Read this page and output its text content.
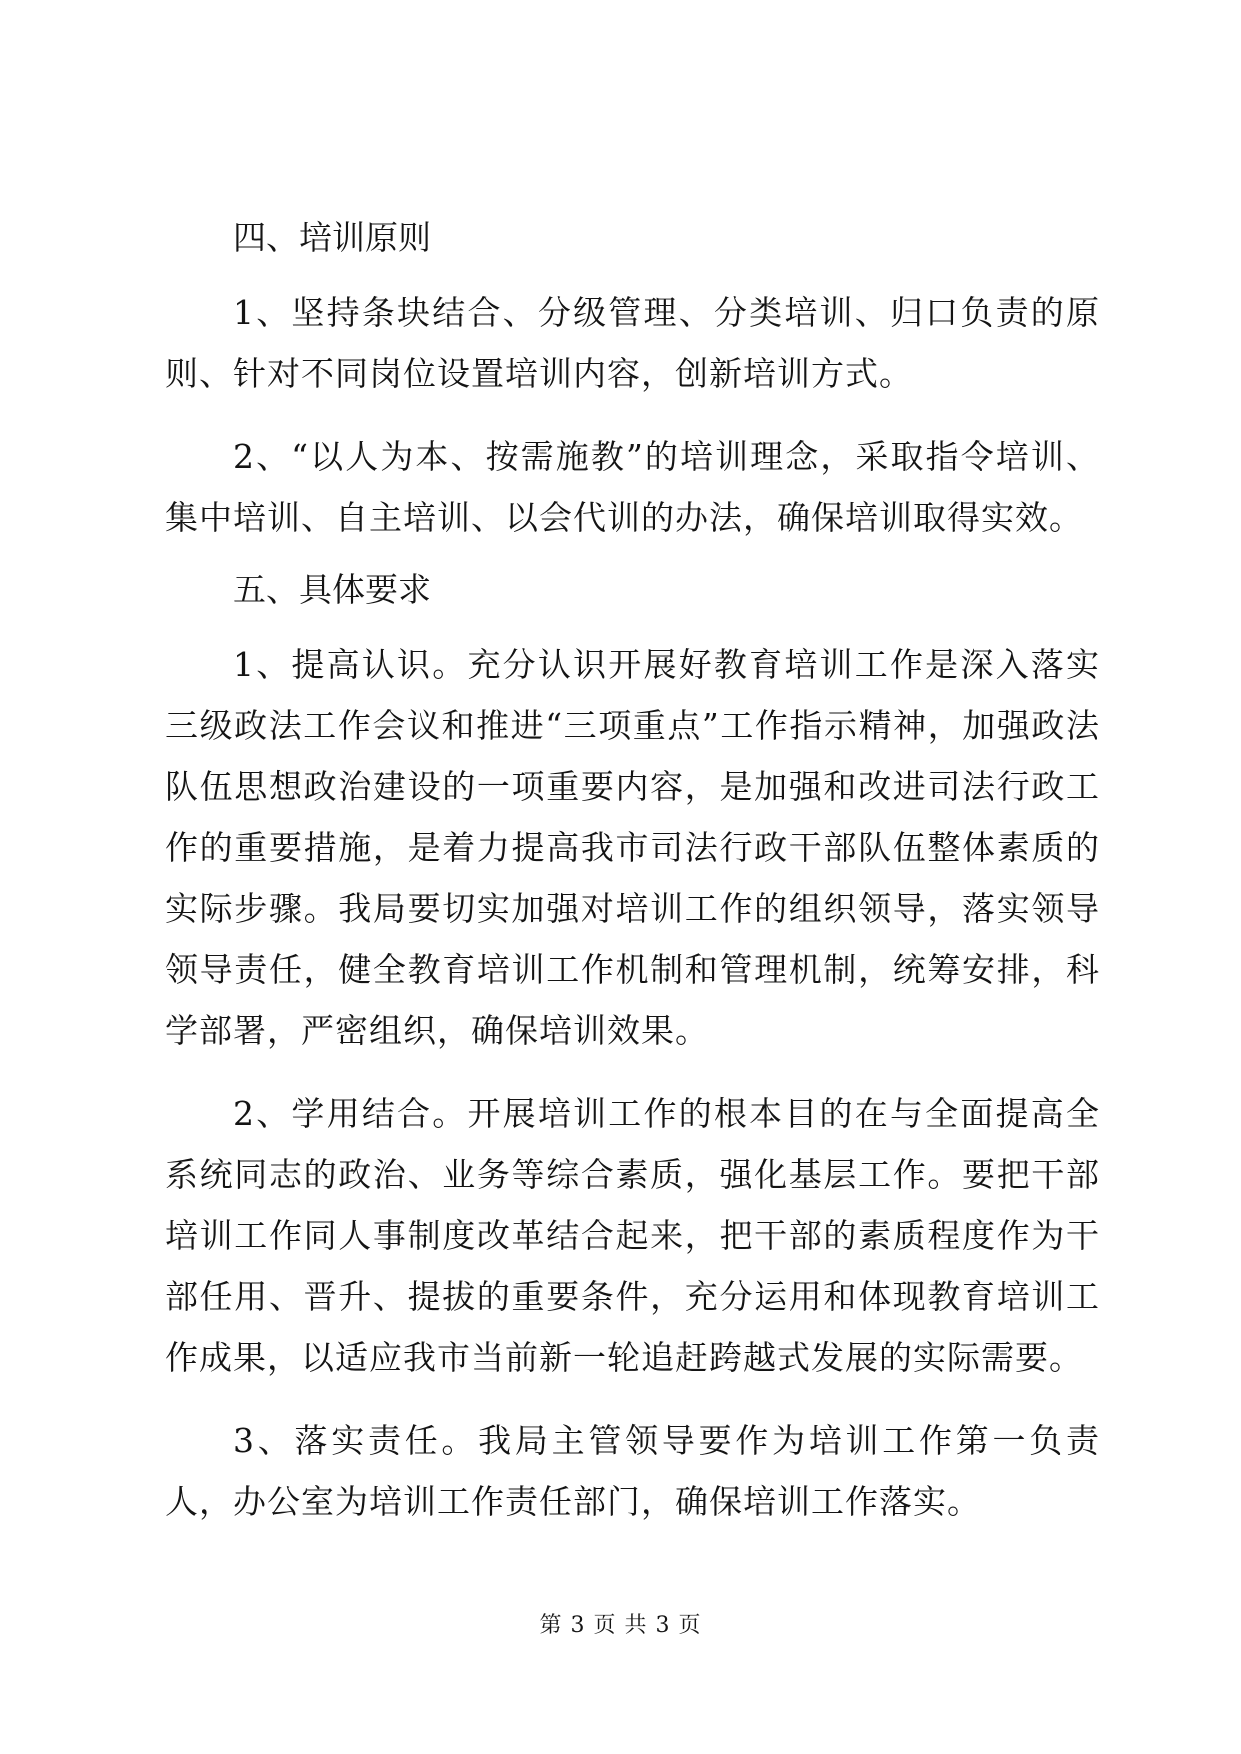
四、培训原则

1、坚持条块结合、分级管理、分类培训、归口负责的原则、针对不同岗位设置培训内容，创新培训方式。

2、“以人为本、按需施教”的培训理念，采取指令培训、集中培训、自主培训、以会代训的办法，确保培训取得实效。

五、具体要求

1、提高认识。充分认识开展好教育培训工作是深入落实三级政法工作会议和推进“三项重点”工作指示精神，加强政法队伍思想政治建设的一项重要内容，是加强和改进司法行政工作的重要措施，是着力提高我市司法行政干部队伍整体素质的实际步骤。我局要切实加强对培训工作的组织领导，落实领导领导责任，健全教育培训工作机制和管理机制，统筹安排，科学部署，严密组织，确保培训效果。

2、学用结合。开展培训工作的根本目的在与全面提高全系统同志的政治、业务等综合素质，强化基层工作。要把干部培训工作同人事制度改革结合起来，把干部的素质程度作为干部任用、晋升、提拔的重要条件，充分运用和体现教育培训工作成果，以适应我市当前新一轮追赶跨越式发展的实际需要。

3、落实责任。我局主管领导要作为培训工作第一负责人，办公室为培训工作责任部门，确保培训工作落实。

第 3 页 共 3 页
